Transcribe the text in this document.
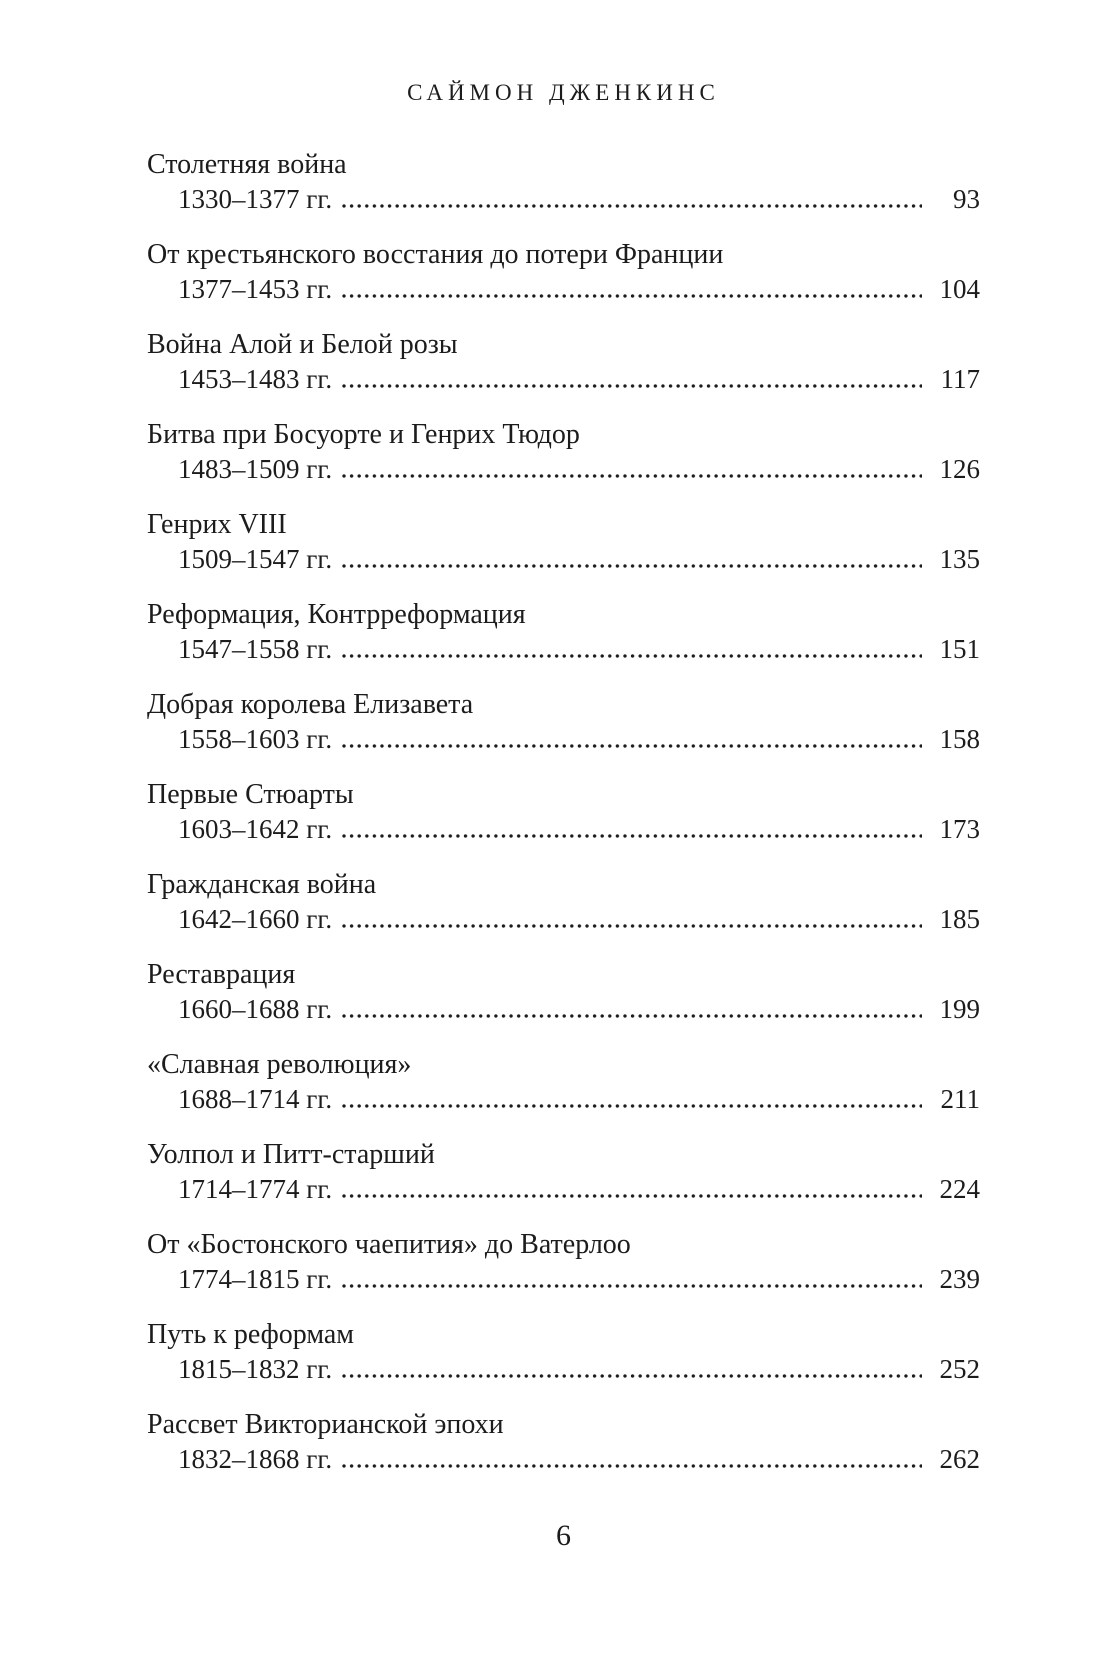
САЙМОН ДЖЕНКИНС
Столетняя война
1330–1377 гг.	93
От крестьянского восстания до потери Франции
1377–1453 гг.	104
Война Алой и Белой розы
1453–1483 гг.	117
Битва при Босуорте и Генрих Тюдор
1483–1509 гг.	126
Генрих VIII
1509–1547 гг.	135
Реформация, Контрреформация
1547–1558 гг.	151
Добрая королева Елизавета
1558–1603 гг.	158
Первые Стюарты
1603–1642 гг.	173
Гражданская война
1642–1660 гг.	185
Реставрация
1660–1688 гг.	199
«Славная революция»
1688–1714 гг.	211
Уолпол и Питт-старший
1714–1774 гг.	224
От «Бостонского чаепития» до Ватерлоо
1774–1815 гг.	239
Путь к реформам
1815–1832 гг.	252
Рассвет Викторианской эпохи
1832–1868 гг.	262
6
